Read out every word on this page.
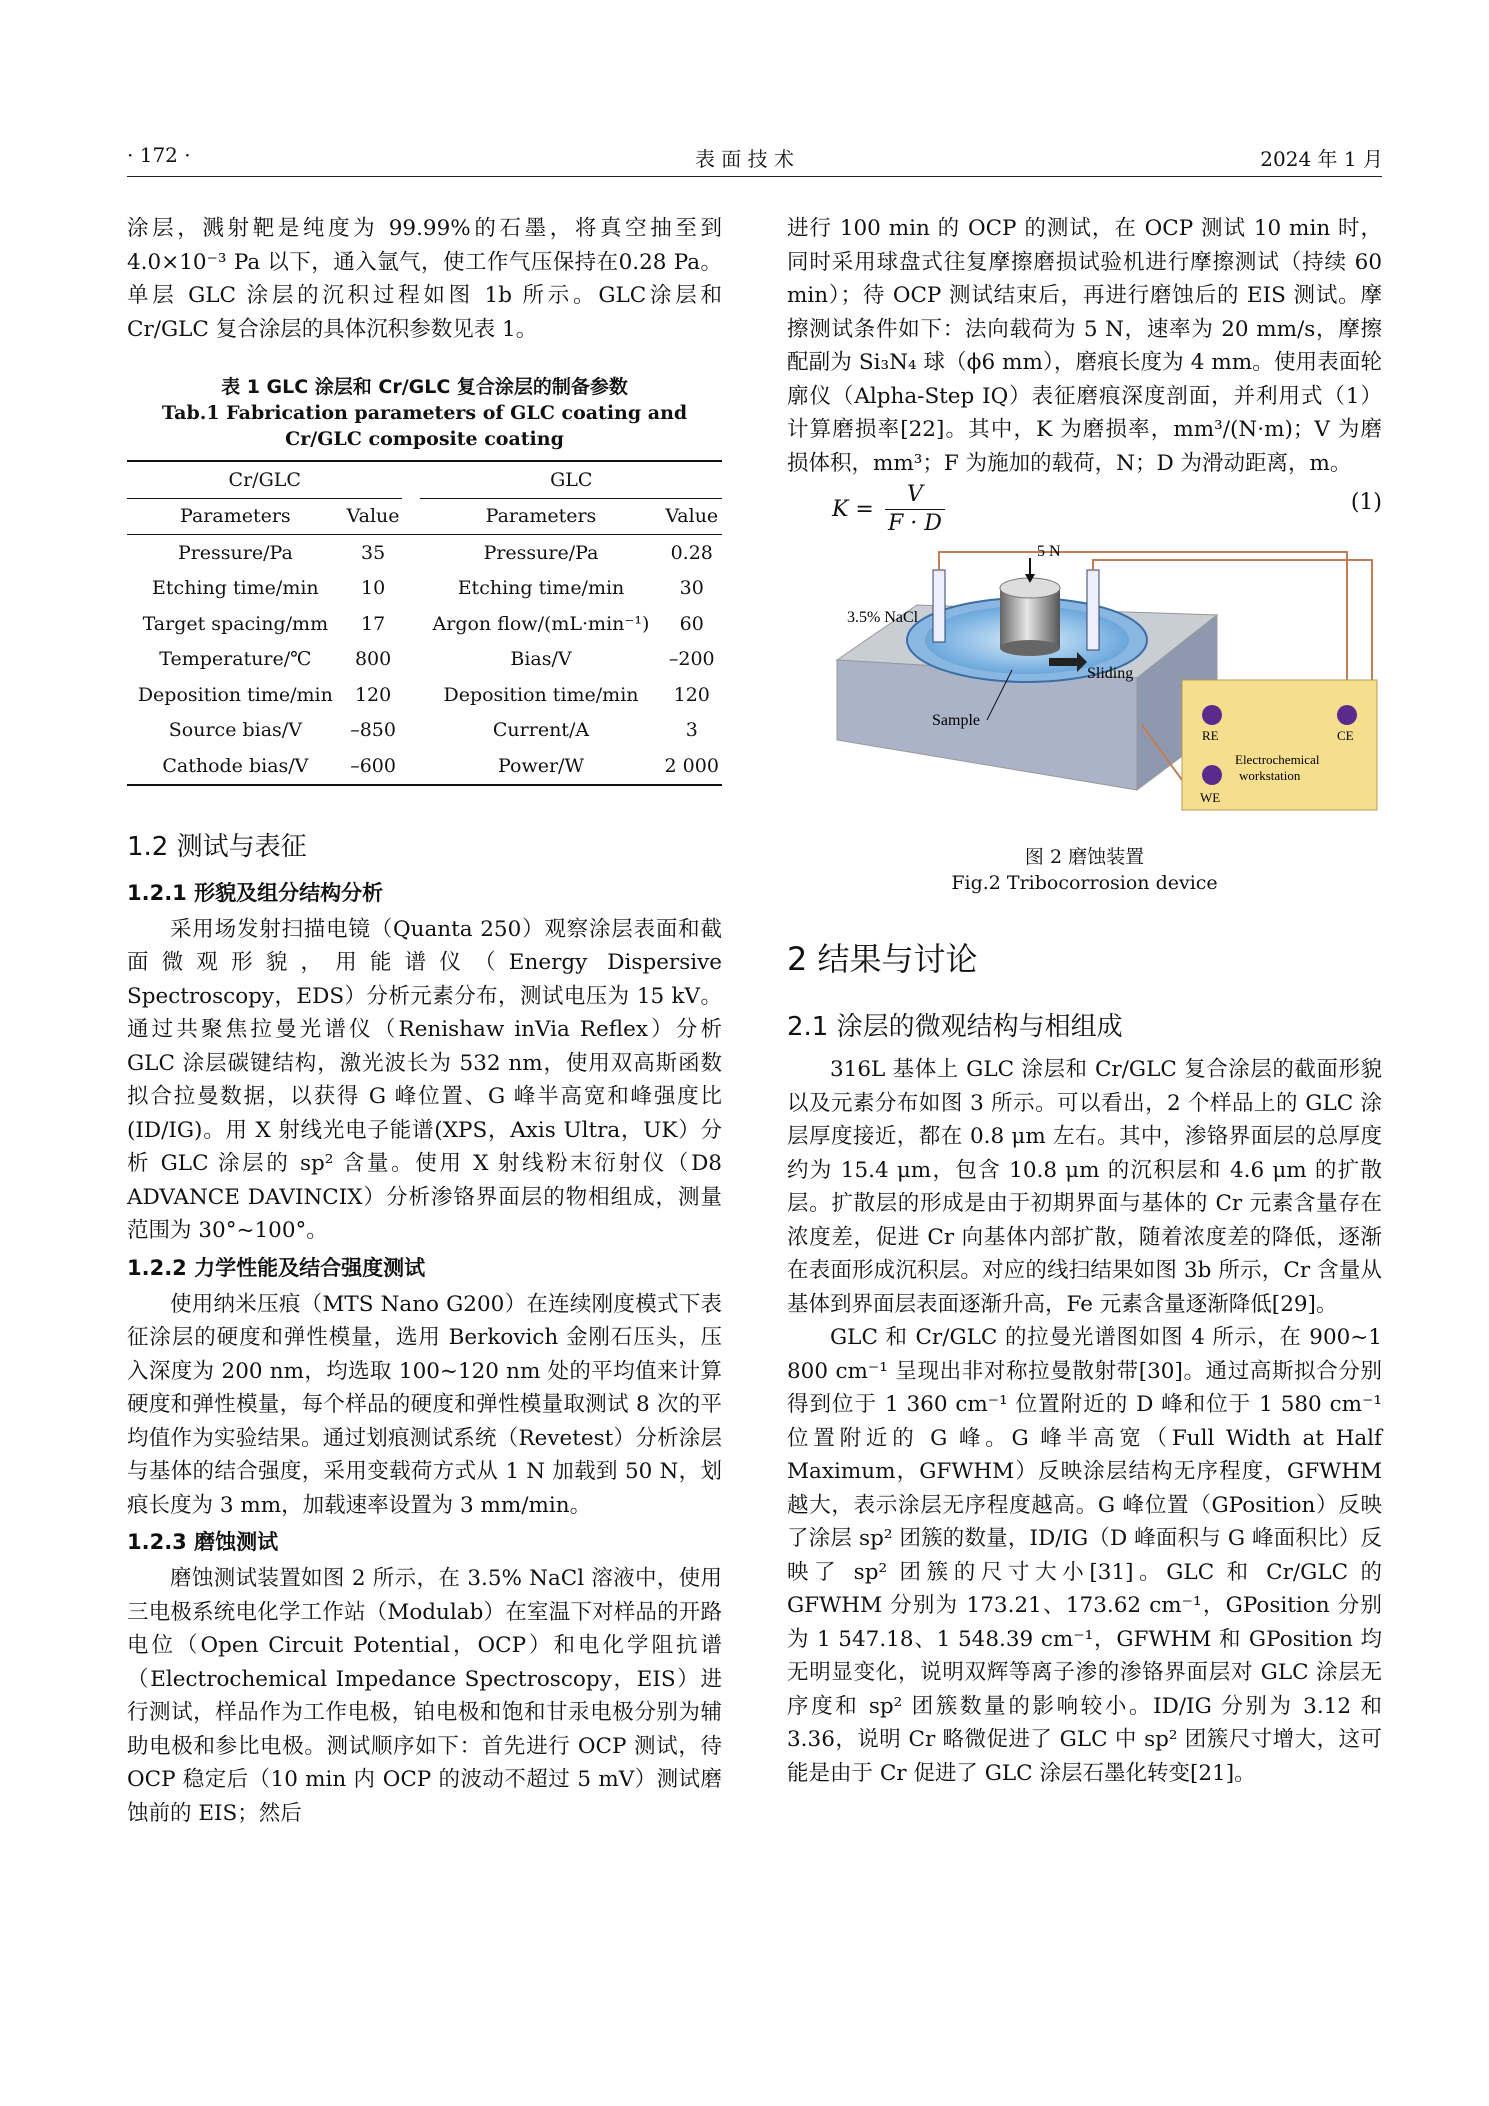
· 172 ·	表 面 技 术	2024 年 1 月

涂层，溅射靶是纯度为 99.99%的石墨，将真空抽至到 4.0×10⁻³ Pa 以下，通入氩气，使工作气压保持在0.28 Pa。单层 GLC 涂层的沉积过程如图 1b 所示。GLC涂层和 Cr/GLC 复合涂层的具体沉积参数见表 1。

表 1 GLC 涂层和 Cr/GLC 复合涂层的制备参数
Tab.1 Fabrication parameters of GLC coating and Cr/GLC composite coating
Cr/GLC			GLC	
Parameters	Value		Parameters	Value
Pressure/Pa	35		Pressure/Pa	0.28
Etching time/min	10		Etching time/min	30
Target spacing/mm	17		Argon flow/(mL·min⁻¹)	60
Temperature/℃	800		Bias/V	–200
Deposition time/min	120		Deposition time/min	120
Source bias/V	–850		Current/A	3
Cathode bias/V	–600		Power/W	2 000
1.2 测试与表征
1.2.1 形貌及组分结构分析

采用场发射扫描电镜（Quanta 250）观察涂层表面和截面微观形貌，用能谱仪（Energy Dispersive Spectroscopy，EDS）分析元素分布，测试电压为 15 kV。通过共聚焦拉曼光谱仪（Renishaw inVia Reflex）分析 GLC 涂层碳键结构，激光波长为 532 nm，使用双高斯函数拟合拉曼数据，以获得 G 峰位置、G 峰半高宽和峰强度比(ID/IG)。用 X 射线光电子能谱(XPS，Axis Ultra，UK）分析 GLC 涂层的 sp² 含量。使用 X 射线粉末衍射仪（D8 ADVANCE DAVINCIX）分析渗铬界面层的物相组成，测量范围为 30°~100°。

1.2.2 力学性能及结合强度测试

使用纳米压痕（MTS Nano G200）在连续刚度模式下表征涂层的硬度和弹性模量，选用 Berkovich 金刚石压头，压入深度为 200 nm，均选取 100~120 nm 处的平均值来计算硬度和弹性模量，每个样品的硬度和弹性模量取测试 8 次的平均值作为实验结果。通过划痕测试系统（Revetest）分析涂层与基体的结合强度，采用变载荷方式从 1 N 加载到 50 N，划痕长度为 3 mm，加载速率设置为 3 mm/min。

1.2.3 磨蚀测试

磨蚀测试装置如图 2 所示，在 3.5% NaCl 溶液中，使用三电极系统电化学工作站（Modulab）在室温下对样品的开路电位（Open Circuit Potential，OCP）和电化学阻抗谱（Electrochemical Impedance Spectroscopy，EIS）进行测试，样品作为工作电极，铂电极和饱和甘汞电极分别为辅助电极和参比电极。测试顺序如下：首先进行 OCP 测试，待 OCP 稳定后（10 min 内 OCP 的波动不超过 5 mV）测试磨蚀前的 EIS；然后

进行 100 min 的 OCP 的测试，在 OCP 测试 10 min 时，同时采用球盘式往复摩擦磨损试验机进行摩擦测试（持续 60 min）；待 OCP 测试结束后，再进行磨蚀后的 EIS 测试。摩擦测试条件如下：法向载荷为 5 N，速率为 20 mm/s，摩擦配副为 Si₃N₄ 球（ϕ6 mm），磨痕长度为 4 mm。使用表面轮廓仪（Alpha-Step IQ）表征磨痕深度剖面，并利用式（1）计算磨损率[22]。其中，K 为磨损率，mm³/(N·m)；V 为磨损体积，mm³；F 为施加的载荷，N；D 为滑动距离，m。

K =
V
F · D
(1)
5 N
3.5% NaCl
Sliding
Sample
RE	CE
WE
Electrochemical
workstation
图 2 磨蚀装置
Fig.2 Tribocorrosion device
2 结果与讨论
2.1 涂层的微观结构与相组成

316L 基体上 GLC 涂层和 Cr/GLC 复合涂层的截面形貌以及元素分布如图 3 所示。可以看出，2 个样品上的 GLC 涂层厚度接近，都在 0.8 μm 左右。其中，渗铬界面层的总厚度约为 15.4 μm，包含 10.8 μm 的沉积层和 4.6 μm 的扩散层。扩散层的形成是由于初期界面与基体的 Cr 元素含量存在浓度差，促进 Cr 向基体内部扩散，随着浓度差的降低，逐渐在表面形成沉积层。对应的线扫结果如图 3b 所示，Cr 含量从基体到界面层表面逐渐升高，Fe 元素含量逐渐降低[29]。

GLC 和 Cr/GLC 的拉曼光谱图如图 4 所示，在 900~1 800 cm⁻¹ 呈现出非对称拉曼散射带[30]。通过高斯拟合分别得到位于 1 360 cm⁻¹ 位置附近的 D 峰和位于 1 580 cm⁻¹ 位置附近的 G 峰。G 峰半高宽（Full Width at Half Maximum，GFWHM）反映涂层结构无序程度，GFWHM 越大，表示涂层无序程度越高。G 峰位置（GPosition）反映了涂层 sp² 团簇的数量，ID/IG（D 峰面积与 G 峰面积比）反映了 sp² 团簇的尺寸大小[31]。GLC 和 Cr/GLC 的 GFWHM 分别为 173.21、173.62 cm⁻¹，GPosition 分别为 1 547.18、1 548.39 cm⁻¹，GFWHM 和 GPosition 均无明显变化，说明双辉等离子渗的渗铬界面层对 GLC 涂层无序度和 sp² 团簇数量的影响较小。ID/IG 分别为 3.12 和 3.36，说明 Cr 略微促进了 GLC 中 sp² 团簇尺寸增大，这可能是由于 Cr 促进了 GLC 涂层石墨化转变[21]。
